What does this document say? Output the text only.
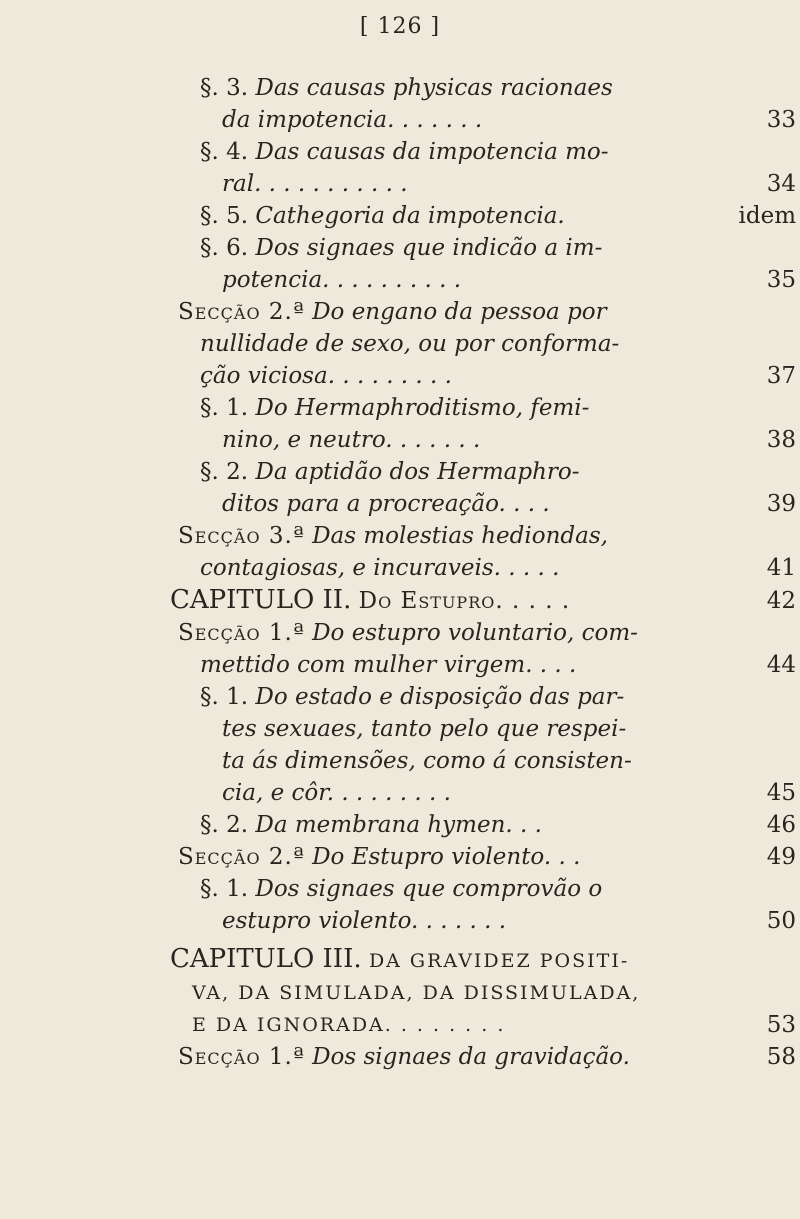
[ 126 ]
§. 3. Das causas physicas racionaes
da impotencia. . . . . . .	33
§. 4. Das causas da impotencia mo-
ral. . . . . . . . . . .	34
§. 5. Cathegoria da impotencia.	idem
§. 6. Dos signaes que indicão a im-
potencia. . . . . . . . . .	35
Secção 2.ª Do engano da pessoa por
nullidade de sexo, ou por conforma-
ção viciosa. . . . . . . . .	37
§. 1. Do Hermaphroditismo, femi-
nino, e neutro. . . . . . .	38
§. 2. Da aptidão dos Hermaphro-
ditos para a procreação. . . .	39
Secção 3.ª Das molestias hediondas,
contagiosas, e incuraveis. . . . .	41
CAPITULO II. Do Estupro. . . . .	42
Secção 1.ª Do estupro voluntario, com-
mettido com mulher virgem. . . .	44
§. 1. Do estado e disposição das par-
tes sexuaes, tanto pelo que respei-
ta ás dimensões, como á consisten-
cia, e côr. . . . . . . . .	45
§. 2. Da membrana hymen. . .	46
Secção 2.ª Do Estupro violento. . .	49
§. 1. Dos signaes que comprovão o
estupro violento. . . . . . .	50
CAPITULO III. DA GRAVIDEZ POSITI-
VA, DA SIMULADA, DA DISSIMULADA,
E DA IGNORADA. . . . . . . .	53
Secção 1.ª Dos signaes da gravidação.	58
